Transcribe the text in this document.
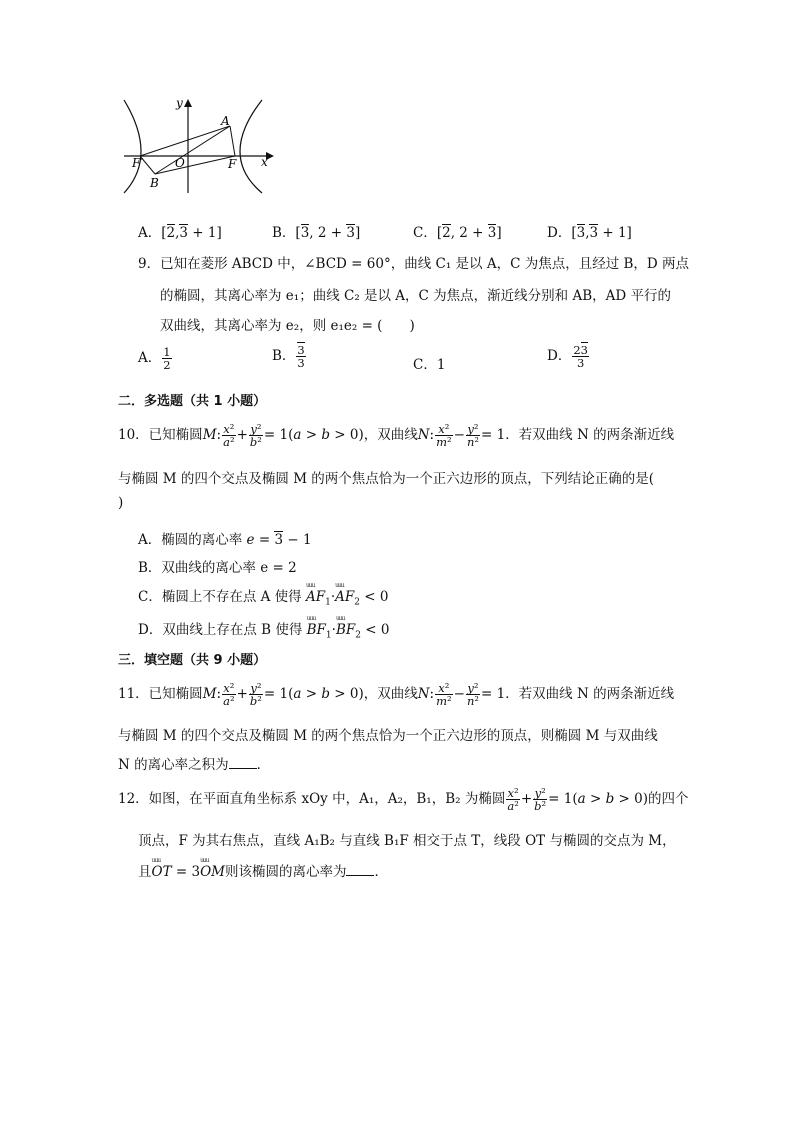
y
A
O	F
F′
B
x
A．[2,3 + 1]	B．[3, 2 + 3]	C．[2, 2 + 3]	D．[3,3 + 1]
9．已知在菱形 ABCD 中，∠BCD = 60°，曲线 C₁ 是以 A，C 为焦点，且经过 B，D 两点
的椭圆，其离心率为 e₁；曲线 C₂ 是以 A，C 为焦点，渐近线分别和 AB，AD 平行的
双曲线，其离心率为 e₂，则 e₁e₂ = (　　)
A． $\frac{1}{2}$	B． $\frac{3}{3}$	C．1
D． $\frac{23}{3}$
二．多选题（共 1 小题）
10．已知椭圆M: $\frac{\text{x²}}{\text{a²}} + \frac{\text{y²}}{\text{b²}} = 1(a > b > 0)$，双曲线N: $\frac{\text{x²}}{\text{m²}} - \frac{\text{y²}}{\text{n²}} = 1$．若双曲线 N 的两条渐近线
与椭圆 M 的四个交点及椭圆 M 的两个焦点恰为一个正六边形的顶点，下列结论正确的是(
)
A．椭圆的离心率 e = 3 − 1
B．双曲线的离心率 e = 2
C．椭圆上不存在点 A 使得 uuu $AF_1\cdot uuu$ $AF_2 < 0$
D．双曲线上存在点 B 使得 uuu $BF_1\cdot uuu$ $BF_2 < 0$
三．填空题（共 9 小题）
11．已知椭圆M: $\frac{\text{x²}}{\text{a²}} + \frac{\text{y²}}{\text{b²}} = 1(a > b > 0)$，双曲线N: $\frac{\text{x²}}{\text{m²}} - \frac{\text{y²}}{\text{n²}} = 1$．若双曲线 N 的两条渐近线
与椭圆 M 的四个交点及椭圆 M 的两个焦点恰为一个正六边形的顶点，则椭圆 M 与双曲线
N 的离心率之积为 ．
12．如图，在平面直角坐标系 xOy 中，A₁，A₂，B₁，B₂ 为椭圆 $\frac{\text{x²}}{\text{a²}} + \frac{\text{y²}}{\text{b²}} = 1(a > b > 0)$的四个
顶点，F 为其右焦点，直线 A₁B₂ 与直线 B₁F 相交于点 T，线段 OT 与椭圆的交点为 M，
且uuu OT = 3uuu OM则该椭圆的离心率为 ．
